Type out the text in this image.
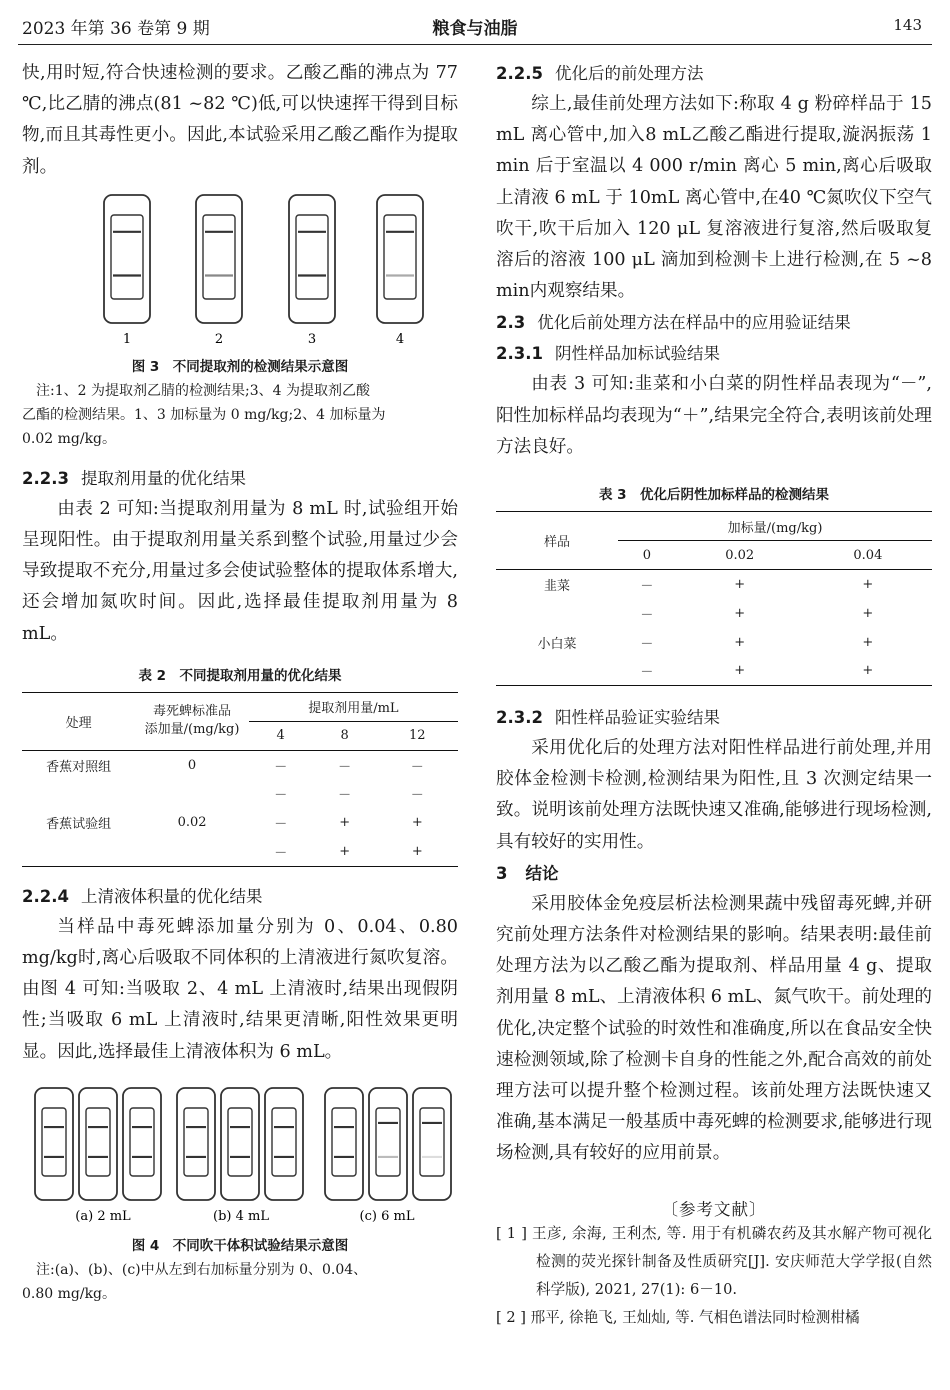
2023 年第 36 卷第 9 期	粮食与油脂	143

快,用时短,符合快速检测的要求。乙酸乙酯的沸点为 77 ℃,比乙腈的沸点(81 ~82 ℃)低,可以快速挥干得到目标物,而且其毒性更小。因此,本试验采用乙酸乙酯作为提取剂。

1	2	3	4
图 3　不同提取剂的检测结果示意图
注:1、2 为提取剂乙腈的检测结果;3、4 为提取剂乙酸
乙酯的检测结果。1、3 加标量为 0 mg/kg;2、4 加标量为
0.02 mg/kg。
2.2.3 提取剂用量的优化结果

由表 2 可知:当提取剂用量为 8 mL 时,试验组开始呈现阳性。由于提取剂用量关系到整个试验,用量过少会导致提取不充分,用量过多会使试验整体的提取体系增大,还会增加氮吹时间。因此,选择最佳提取剂用量为 8 mL。

表 2　不同提取剂用量的优化结果
处理	毒死蜱标准品
添加量/(mg/kg)	提取剂用量/mL		
		4	8	12
香蕉对照组	0	－	－	－
		－	－	－
香蕉试验组	0.02	－	+	+
		－	+	+
2.2.4 上清液体积量的优化结果

当样品中毒死蜱添加量分别为 0、0.04、0.80 mg/kg时,离心后吸取不同体积的上清液进行氮吹复溶。由图 4 可知:当吸取 2、4 mL 上清液时,结果出现假阴性;当吸取 6 mL 上清液时,结果更清晰,阳性效果更明显。因此,选择最佳上清液体积为 6 mL。

(a) 2 mL	(b) 4 mL	(c) 6 mL
图 4　不同吹干体积试验结果示意图
注:(a)、(b)、(c)中从左到右加标量分别为 0、0.04、
0.80 mg/kg。
2.2.5 优化后的前处理方法

综上,最佳前处理方法如下:称取 4 g 粉碎样品于 15 mL 离心管中,加入8 mL乙酸乙酯进行提取,漩涡振荡 1 min 后于室温以 4 000 r/min 离心 5 min,离心后吸取上清液 6 mL 于 10mL 离心管中,在40 ℃氮吹仪下空气吹干,吹干后加入 120 μL 复溶液进行复溶,然后吸取复溶后的溶液 100 μL 滴加到检测卡上进行检测,在 5 ~8 min内观察结果。

2.3 优化后前处理方法在样品中的应用验证结果
2.3.1 阴性样品加标试验结果

由表 3 可知:韭菜和小白菜的阴性样品表现为“－”,阳性加标样品均表现为“＋”,结果完全符合,表明该前处理方法良好。

表 3　优化后阴性加标样品的检测结果
样品	加标量/(mg/kg)		
	0	0.02	0.04
韭菜	－	+	+
	－	+	+
小白菜	－	+	+
	－	+	+
2.3.2 阳性样品验证实验结果

采用优化后的处理方法对阳性样品进行前处理,并用胶体金检测卡检测,检测结果为阳性,且 3 次测定结果一致。说明该前处理方法既快速又准确,能够进行现场检测,具有较好的实用性。

3 结论

采用胶体金免疫层析法检测果蔬中残留毒死蜱,并研究前处理方法条件对检测结果的影响。结果表明:最佳前处理方法为以乙酸乙酯为提取剂、样品用量 4 g、提取剂用量 8 mL、上清液体积 6 mL、氮气吹干。前处理的优化,决定整个试验的时效性和准确度,所以在食品安全快速检测领域,除了检测卡自身的性能之外,配合高效的前处理方法可以提升整个检测过程。该前处理方法既快速又准确,基本满足一般基质中毒死蜱的检测要求,能够进行现场检测,具有较好的应用前景。

〔参考文献〕
[ 1 ] 王彦, 余海, 王利杰, 等. 用于有机磷农药及其水解产物可视化检测的荧光探针制备及性质研究[J]. 安庆师范大学学报(自然科学版), 2021, 27(1): 6－10.
[ 2 ] 邢平, 徐艳飞, 王灿灿, 等. 气相色谱法同时检测柑橘
